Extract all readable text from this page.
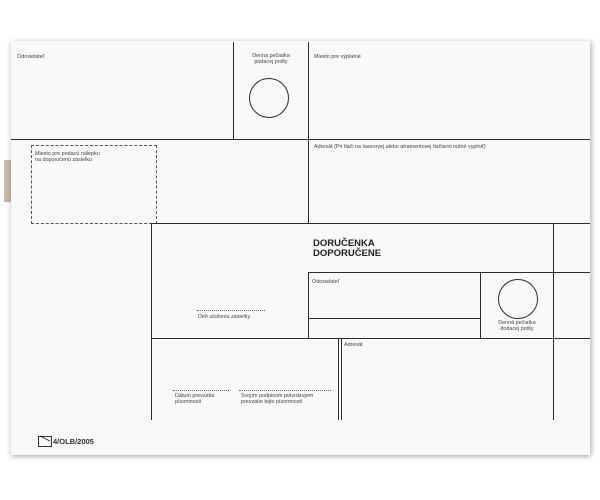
Odosielateľ	Denná pečiatka
podacej pošty
Miesto pre výplatné
Miesto pre podacú nálepku
na doporučenú zásielku
Adresát (Pri tlači na laserovej alebo atramentovej tlačiarni nutné vyplniť)
DORUČENKA
DOPORUČENE
Odosielateľ
Denná pečiatka
dodacej pošty
Deň uloženia zásielky
Dátum prevzatia
písomnosti
Svojím podpisom potvrdzujem
prevzatie tejto písomnosti
Adresát
4/OLB/2005
